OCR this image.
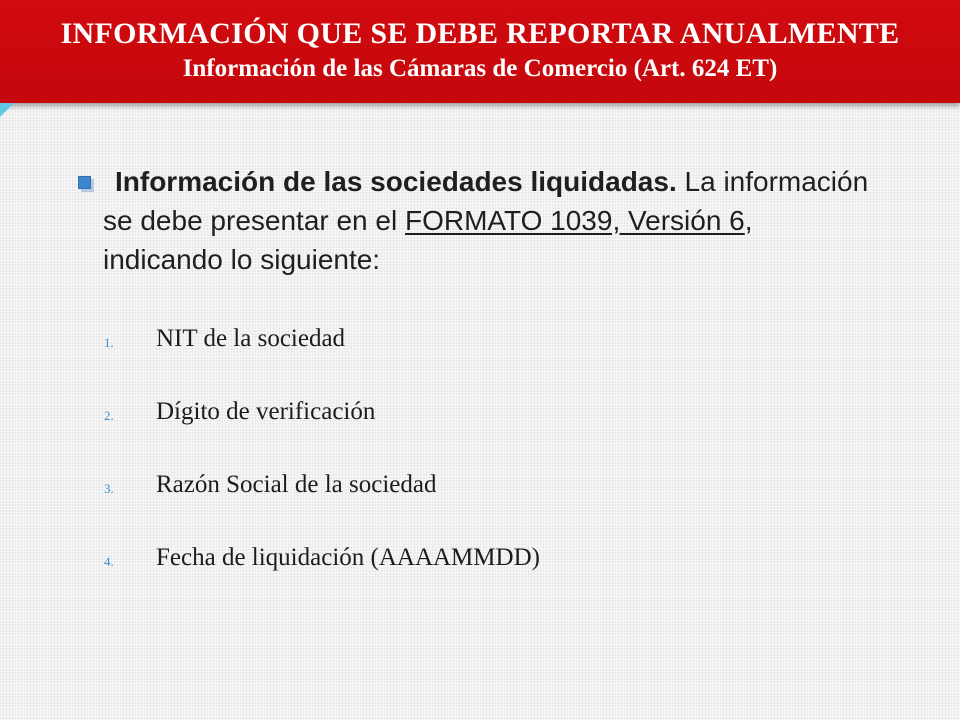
INFORMACIÓN QUE SE DEBE REPORTAR ANUALMENTE
Información de las Cámaras de Comercio (Art. 624 ET)
Información de las sociedades liquidadas. La información se debe presentar en el FORMATO 1039, Versión 6, indicando lo siguiente:
1. NIT de la sociedad
2. Dígito de verificación
3. Razón Social de la sociedad
4. Fecha de liquidación (AAAAMMDD)
